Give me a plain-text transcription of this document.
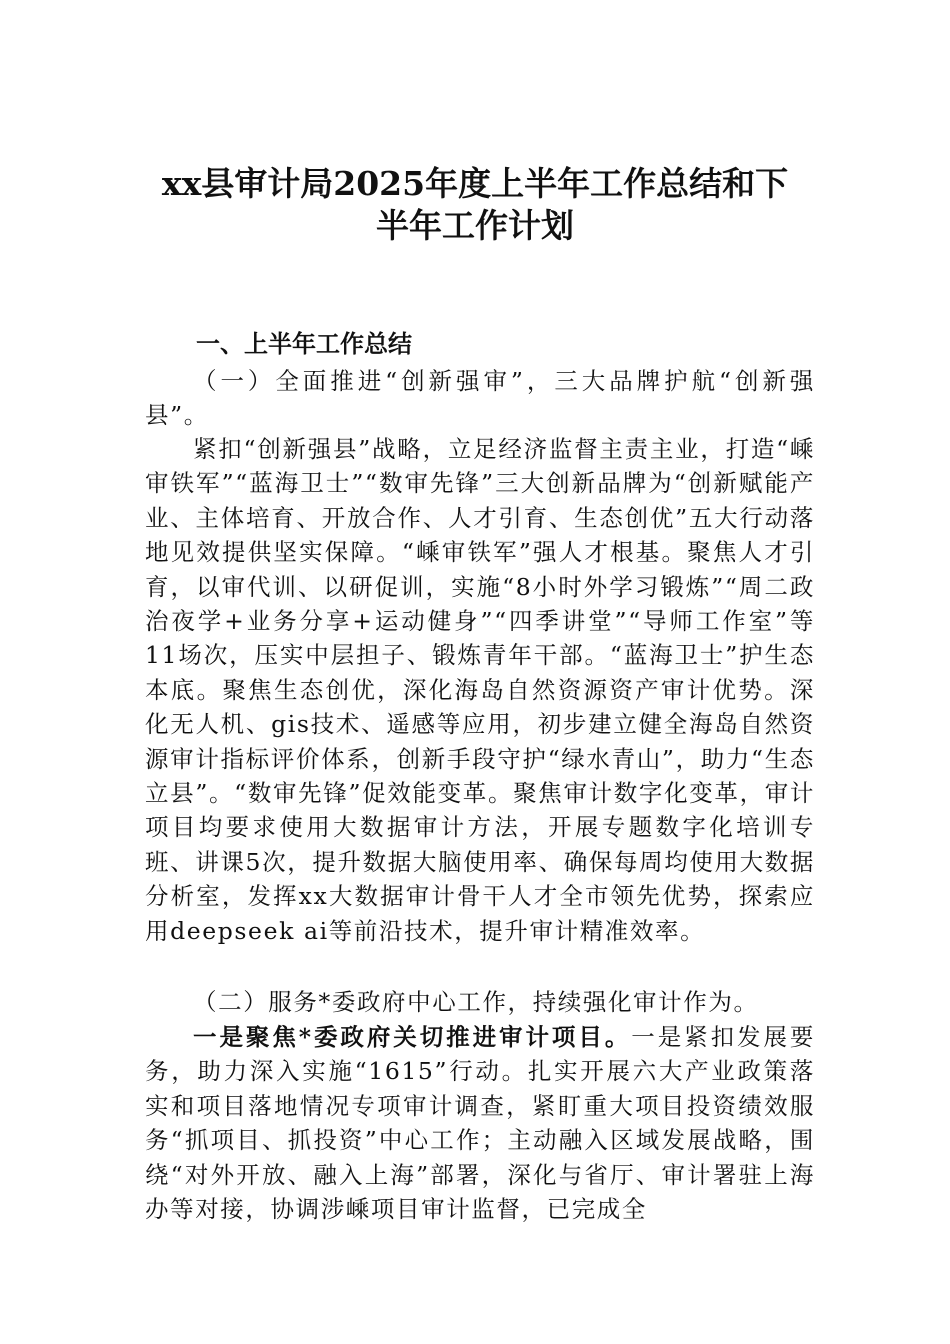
xx县审计局2025年度上半年工作总结和下
半年工作计划
一、上半年工作总结
（一）全面推进“创新强审”，三大品牌护航“创新强县”。
紧扣“创新强县”战略，立足经济监督主责主业，打造“嵊审铁军”“蓝海卫士”“数审先锋”三大创新品牌为“创新赋能产业、主体培育、开放合作、人才引育、生态创优”五大行动落地见效提供坚实保障。“嵊审铁军”强人才根基。聚焦人才引育，以审代训、以研促训，实施“8小时外学习锻炼”“周二政治夜学+业务分享+运动健身”“四季讲堂”“导师工作室”等11场次，压实中层担子、锻炼青年干部。“蓝海卫士”护生态本底。聚焦生态创优，深化海岛自然资源资产审计优势。深化无人机、gis技术、遥感等应用，初步建立健全海岛自然资源审计指标评价体系，创新手段守护“绿水青山”，助力“生态立县”。“数审先锋”促效能变革。聚焦审计数字化变革，审计项目均要求使用大数据审计方法，开展专题数字化培训专班、讲课5次，提升数据大脑使用率、确保每周均使用大数据分析室，发挥xx大数据审计骨干人才全市领先优势，探索应用deepseek ai等前沿技术，提升审计精准效率。
（二）服务*委政府中心工作，持续强化审计作为。
一是聚焦*委政府关切推进审计项目。一是紧扣发展要务，助力深入实施“1615”行动。扎实开展六大产业政策落实和项目落地情况专项审计调查，紧盯重大项目投资绩效服务“抓项目、抓投资”中心工作；主动融入区域发展战略，围绕“对外开放、融入上海”部署，深化与省厅、审计署驻上海办等对接，协调涉嵊项目审计监督，已完成全
